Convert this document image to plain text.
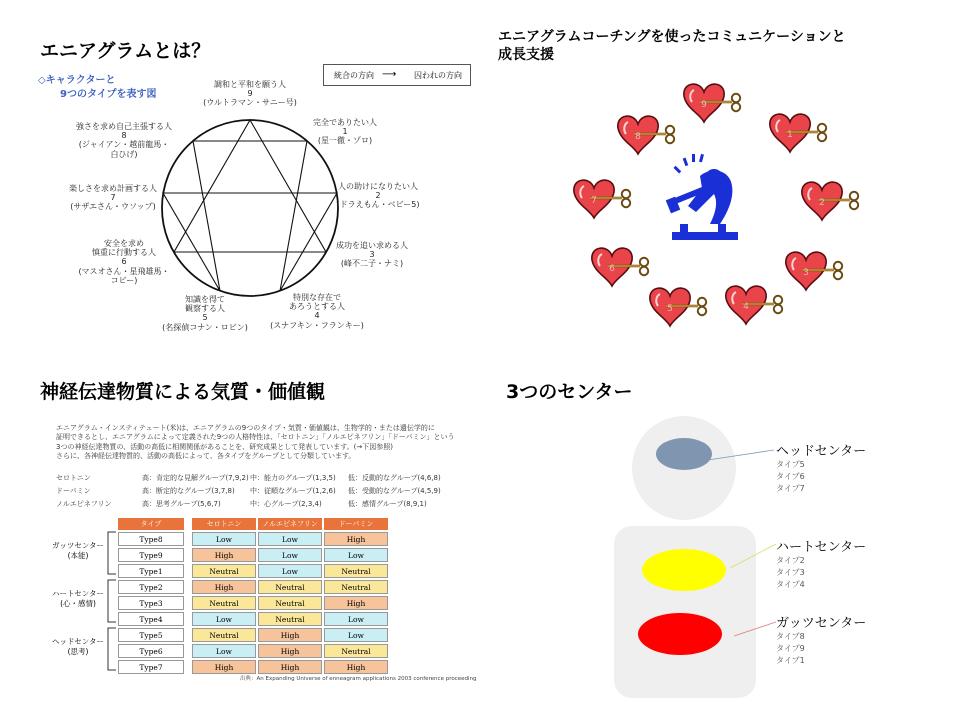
エニアグラムとは？
◇キャラクターと
9つのタイプを表す図
統合の方向 ⟶ 囚われの方向
調和と平和を願う人
9
(ウルトラマン・サニー号)
完全でありたい人
1
(星一徹・ゾロ)
人の助けになりたい人
2
(ドラえもん・ベビー5)
成功を追い求める人
3
(峰不二子・ナミ)
特別な存在で
あろうとする人
4
(スナフキン・フランキー)
知識を得て
観察する人
5
(名探偵コナン・ロビン)
安全を求め
慎重に行動する人
6
(マスオさん・星飛雄馬・
コビー)
楽しさを求め計画する人
7
(サザエさん・ウソップ)
強さを求め自己主張する人
8
(ジャイアン・越前龍馬・
白ひげ)
エニアグラムコーチングを使ったコミュニケーションと
成長支援
9
1
2
3
4
5
6
7
8
神経伝達物質による気質・価値観
エニアグラム・インスティテュート(米)は、エニアグラムの9つのタイプ・気質・価値観は、生物学的・または遺伝学的に
証明できるとし、エニアグラムによって定義された9つの人格特性は、「セロトニン」「ノルエピネフリン」「ドーパミン」という
3つの神経伝達物質の、活動の高低に相関関係があることを、研究成果として発表しています。(→下図参照)
さらに、各神経伝達物質的、活動の高低によって、各タイプをグループとして分類しています。
セロトニン	高：肯定的な見解グループ(7,9,2) 中：能力のグループ(1,3,5) 低：反動的なグループ(4,6,8)
ドーパミン	高：断定的なグループ(3,7,8) 中：従順なグループ(1,2,6) 低：受動的なグループ(4,5,9)
ノルエピネフリン	高：思考グループ(5,6,7)	中：心グループ(2,3,4)	低：感情グループ(8,9,1)
ガッツセンター
(本能)
ハートセンター
(心・感情)
ヘッドセンター
(思考)
タイプ		セロトニン	ノルエピネフリン	ドーパミン
Type8		Low	Low	High
Type9		High	Low	Low
Type1		Neutral	Low	Neutral
Type2		High	Neutral	Neutral
Type3		Neutral	Neutral	High
Type4		Low	Neutral	Low
Type5		Neutral	High	Low
Type6		Low	High	Neutral
Type7		High	High	High
出典：An Expanding Universe of enneagram applications 2003 conference proceeding
3つのセンター
ヘッドセンター
タイプ5
タイプ6
タイプ7
ハートセンター
タイプ2
タイプ3
タイプ4
ガッツセンター
タイプ8
タイプ9
タイプ1
